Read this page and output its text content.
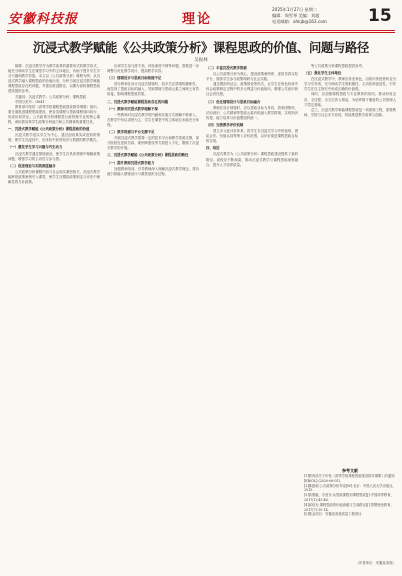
安徽科技报	理论
2025年1月27日 星期二
编辑：周雪琴 美编：刘超
电话邮箱：ahkjb@163.com 15
沉浸式教学赋能《公共政策分析》课程思政的价值、问题与路径
吴振林

摘要：沉浸式教学作为教学改革的重要形式的教学形式，能充分调动学生在课堂学习中的主体地位，有助于提升学生学习兴趣和教学效果。本文以《公共政策分析》课程为例，从沉浸式教学融入课程思政的价值出发，分析当前沉浸式教学赋能课程思政存在的问题，并提出推进路径，以期为高校课程思政建设提供参考。

关键词：沉浸式教学；公共政策分析；课程思政

中图分类号：G641

教育部印发的《高等学校课程思政建设指导纲要》指出，要全面推进课程思政建设，使各类课程与思政课程同向同行，形成协同效应。公共政策分析课程是行政管理专业的核心课程，承担着培养学生政策分析能力和公共精神的重要任务。

一、沉浸式教学赋能《公共政策分析》课程思政的价值

沉浸式教学是以学生为中心，通过创设真实或虚拟的情境，使学生沉浸其中，在体验中获得知识与情感的教学模式。

（一）激发学生学习兴趣与内生动力

沉浸式教学通过情境创设，使学生在具体情境中理解政策问题，增强学习的主动性与参与感。

（二）促进理论与实践深度融合

公共政策分析课程内容与社会现实紧密相关，沉浸式教学能够把政策案例引入课堂，使学生在模拟政策制定与评估中理解党的方针政策。

出现学生参与度不高、体验深度不够等问题，需要进一步调整与优化教学设计，提高教学实效。

（三）情境设计与思政目标衔接不足

部分教师在设计沉浸式情境时，较多关注情境的趣味性，而忽视了思政目标的融入，导致情境与思政元素之间缺乏有效衔接，影响课程思政效果。

二、沉浸式教学赋能课程思政存在的问题

（一）教师对沉浸式教学理解不深

一些教师对沉浸式教学的内涵和实施方式理解不够深入，在教学中仍以讲授为主，学生在课堂中的主体地位未能充分体现。

（二）教学资源与平台支撑不足

开展沉浸式教学需要一定的技术平台和教学资源支撑，部分院校在虚拟仿真、案例库建设等方面投入不足，限制了沉浸式教学的开展。

三、沉浸式教学赋能《公共政策分析》课程思政的路径

（一）提升教师沉浸式教学能力

加强教师培训，引导教师深入理解沉浸式教学理念，将价值引领融入情境设计与课堂组织全过程。

（二）丰富沉浸式教学资源

以公共政策分析为核心，建设政策案例库、虚拟仿真实验平台，鼓励学生参与政策调研与社会实践。

通过模拟听证会、政策辩论等形式，让学生在角色扮演中体会政策制定过程中的多元利益与价值取向，增强公共意识和社会责任感。

（三）优化情境设计与思政目标融合

教师在设计情境时，应以思政目标为导向，将家国情怀、法治意识、公共精神等思政元素有机融入教学情境，实现知识传授、能力培养与价值塑造的统一。

（四）完善教学评价机制

建立多元化评价体系，将学生在沉浸式学习中的表现、团队合作、价值认同等纳入评价范围，以评价促进课程思政目标的实现。

四、结语

沉浸式教学为《公共政策分析》课程思政建设提供了新的路径。高校应不断探索，推动沉浸式教学与课程思政深度融合，提升人才培养质量。

等公共政策分析课程思政提供参考。

（五）强化学生主体地位

在沉浸式教学中，教师应转变角色，由知识传授者转变为学习引导者，充分调动学生的积极性、主动性和创造性，引导学生在自主探究中形成正确的价值观。

同时，应加强课程思政与专业教育的协同，推动形成全员、全过程、全方位育人格局，为培养德才兼备的公共管理人才奠定基础。

总之，沉浸式教学赋能课程思政是一项系统工程，需要教师、学校与社会多方协同，持续推进教学改革与创新。

参考文献
[1]教育部关于印发《高等学校课程思政建设指导纲要》的通知[EB/OL].(2020-06-01).
[2]陈振明.公共政策分析导论[M].北京：中国人民大学出版社，2015.
[3]高德毅，宗爱东.从思政课程到课程思政[J].中国高等教育，2017(1):43-46.
[4]邱伟光.课程思政的价值意蕴与生成路径[J].思想理论教育，2017(7):10-14.
[5]基金项目：安徽省高校质量工程项目.
（作者单位：安徽某高校）
